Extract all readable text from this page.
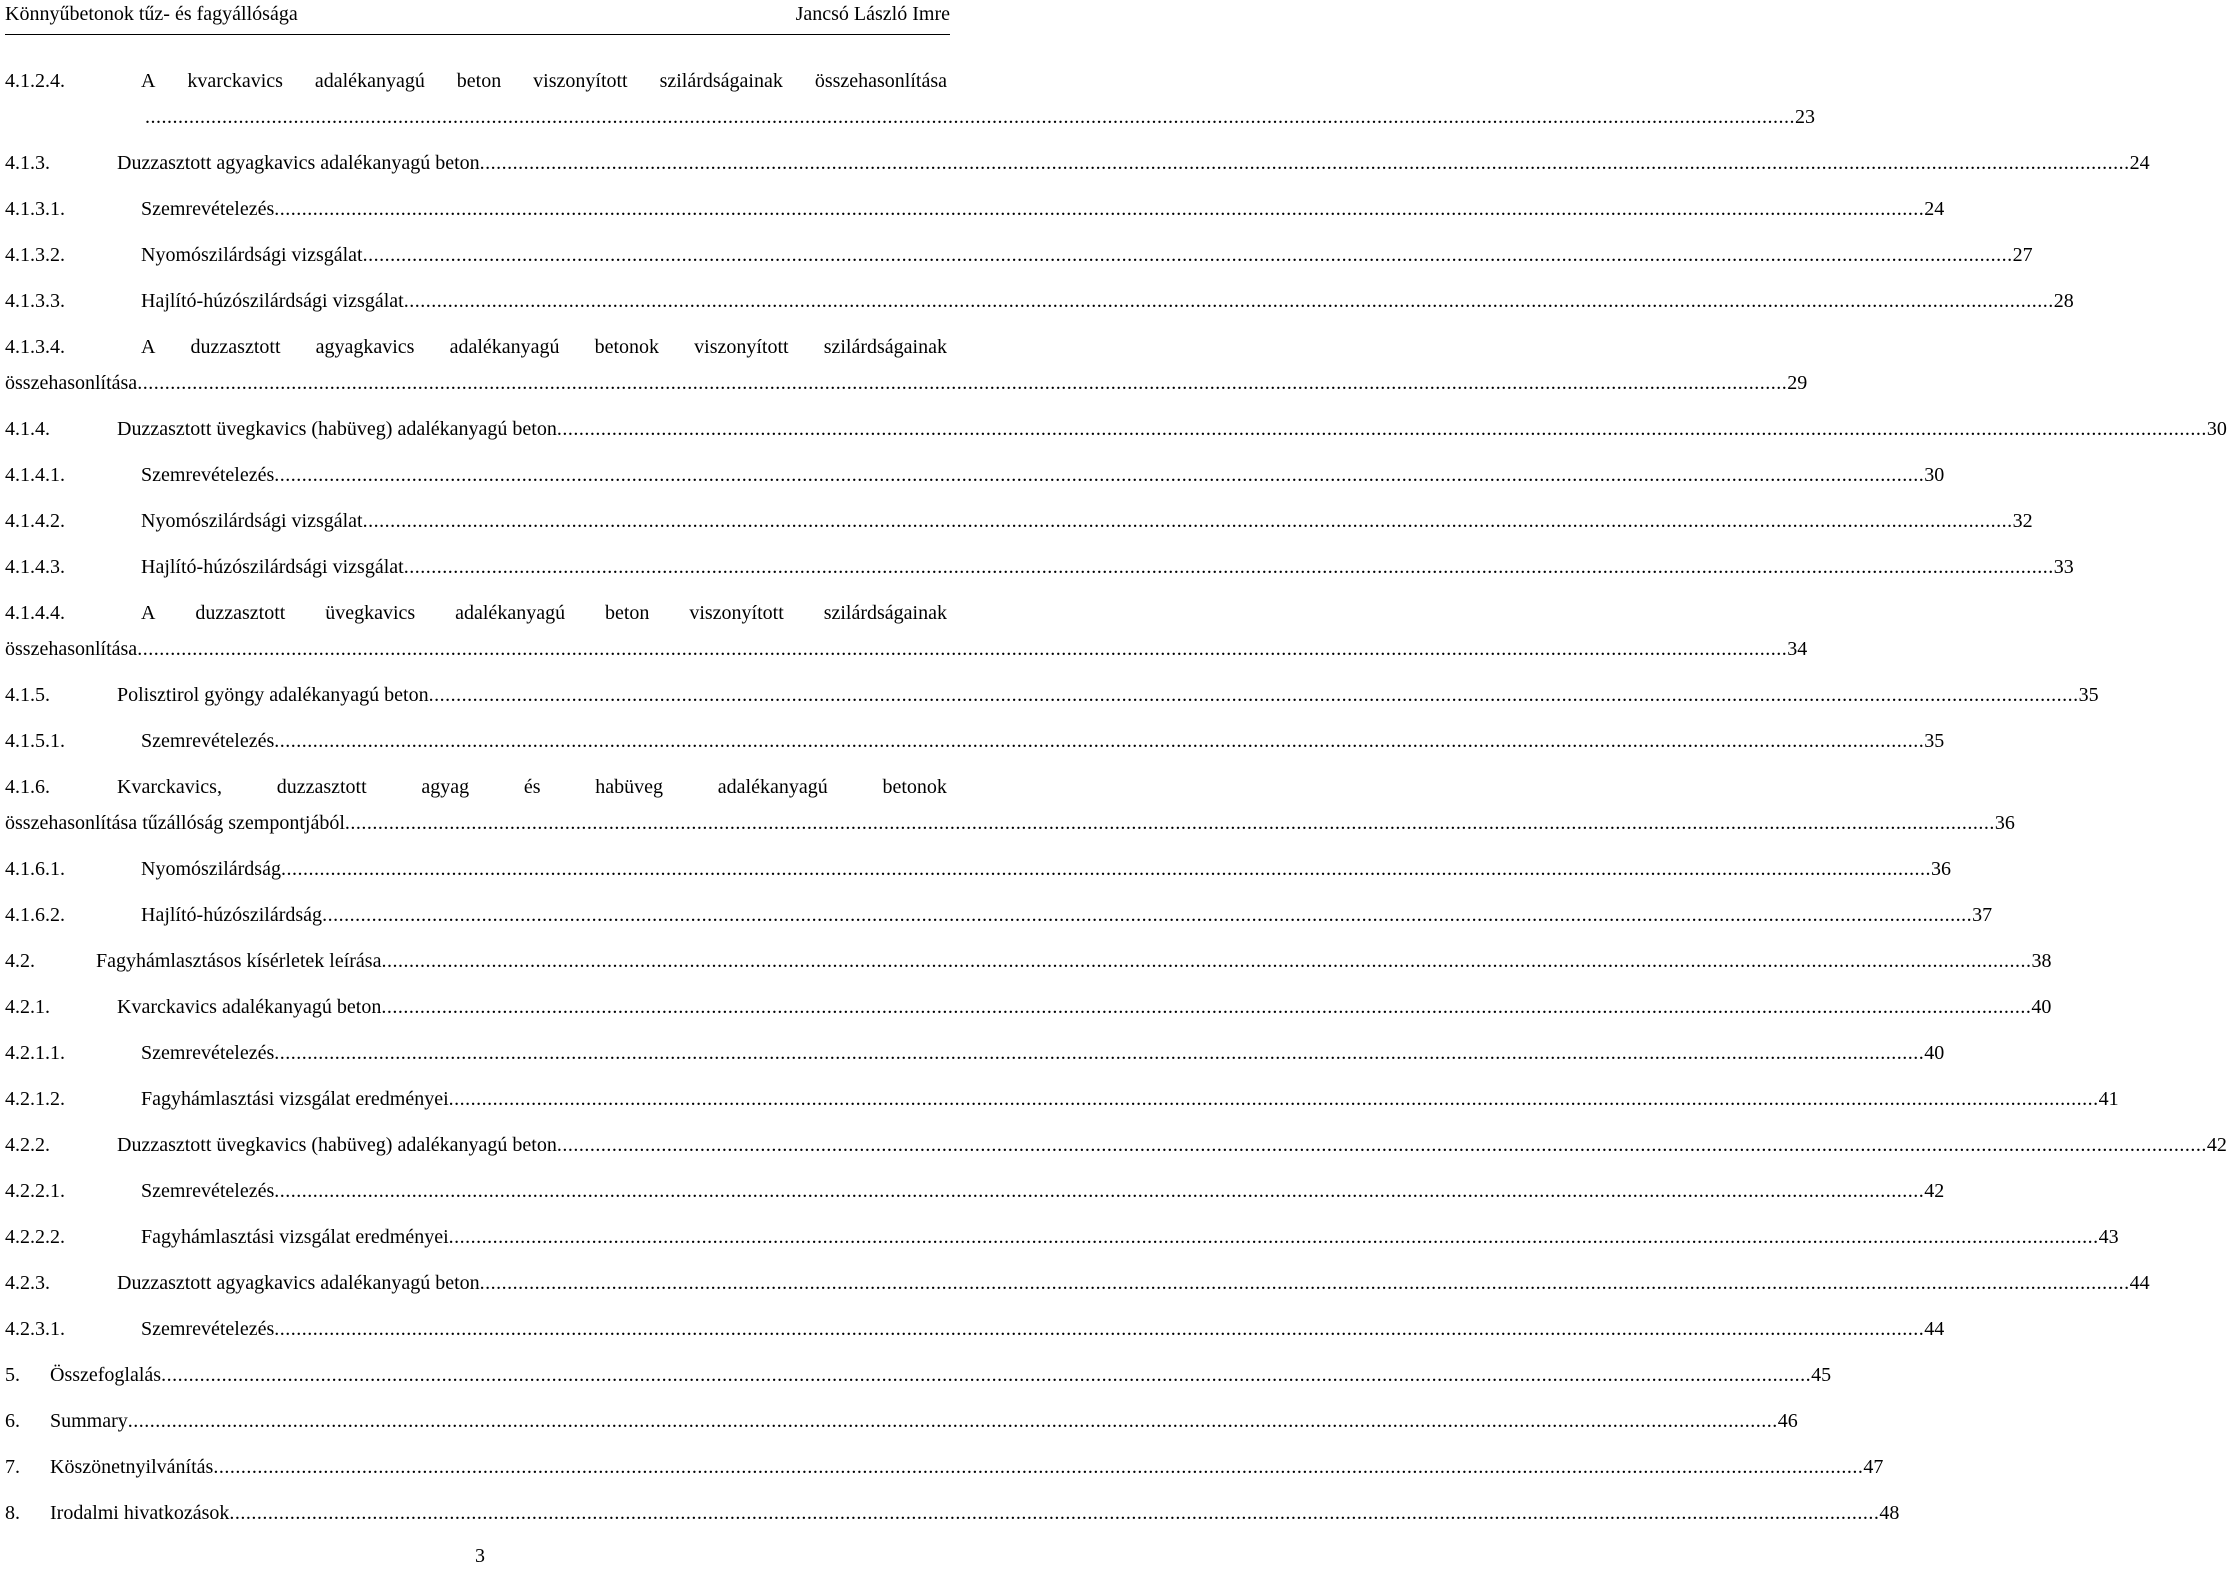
Könnyűbetonok tűz- és fagyállósága	Jancsó László Imre
4.1.2.4.	A kvarckavics adalékanyagú beton viszonyított szilárdságainak összehasonlítása
............................................................................................................................................................................................................................................................................................................ 23
4.1.3.	Duzzasztott agyagkavics adalékanyagú beton ............................................................................................................................................................................................................................................................................................................ 24
4.1.3.1.	Szemrevételezés ............................................................................................................................................................................................................................................................................................................ 24
4.1.3.2.	Nyomószilárdsági vizsgálat ............................................................................................................................................................................................................................................................................................................ 27
4.1.3.3.	Hajlító-húzószilárdsági vizsgálat ............................................................................................................................................................................................................................................................................................................ 28
4.1.3.4.	A duzzasztott agyagkavics adalékanyagú betonok viszonyított szilárdságainak
összehasonlítása ............................................................................................................................................................................................................................................................................................................ 29
4.1.4.	Duzzasztott üvegkavics (habüveg) adalékanyagú beton ............................................................................................................................................................................................................................................................................................................ 30
4.1.4.1.	Szemrevételezés ............................................................................................................................................................................................................................................................................................................ 30
4.1.4.2.	Nyomószilárdsági vizsgálat ............................................................................................................................................................................................................................................................................................................ 32
4.1.4.3.	Hajlító-húzószilárdsági vizsgálat ............................................................................................................................................................................................................................................................................................................ 33
4.1.4.4.	A duzzasztott üvegkavics adalékanyagú beton viszonyított szilárdságainak
összehasonlítása ............................................................................................................................................................................................................................................................................................................ 34
4.1.5.	Polisztirol gyöngy adalékanyagú beton ............................................................................................................................................................................................................................................................................................................ 35
4.1.5.1.	Szemrevételezés ............................................................................................................................................................................................................................................................................................................ 35
4.1.6.	Kvarckavics,	duzzasztott	agyag	és	habüveg	adalékanyagú	betonok
összehasonlítása tűzállóság szempontjából ............................................................................................................................................................................................................................................................................................................ 36
4.1.6.1.	Nyomószilárdság ............................................................................................................................................................................................................................................................................................................ 36
4.1.6.2.	Hajlító-húzószilárdság ............................................................................................................................................................................................................................................................................................................ 37
4.2.	Fagyhámlasztásos kísérletek leírása ............................................................................................................................................................................................................................................................................................................ 38
4.2.1.	Kvarckavics adalékanyagú beton ............................................................................................................................................................................................................................................................................................................ 40
4.2.1.1.	Szemrevételezés ............................................................................................................................................................................................................................................................................................................ 40
4.2.1.2.	Fagyhámlasztási vizsgálat eredményei ............................................................................................................................................................................................................................................................................................................ 41
4.2.2.	Duzzasztott üvegkavics (habüveg) adalékanyagú beton ............................................................................................................................................................................................................................................................................................................ 42
4.2.2.1.	Szemrevételezés ............................................................................................................................................................................................................................................................................................................ 42
4.2.2.2.	Fagyhámlasztási vizsgálat eredményei ............................................................................................................................................................................................................................................................................................................ 43
4.2.3.	Duzzasztott agyagkavics adalékanyagú beton ............................................................................................................................................................................................................................................................................................................ 44
4.2.3.1.	Szemrevételezés ............................................................................................................................................................................................................................................................................................................ 44
5. Összefoglalás ............................................................................................................................................................................................................................................................................................................ 45
6. Summary ............................................................................................................................................................................................................................................................................................................ 46
7. Köszönetnyilvánítás ............................................................................................................................................................................................................................................................................................................ 47
8. Irodalmi hivatkozások ............................................................................................................................................................................................................................................................................................................ 48
3
